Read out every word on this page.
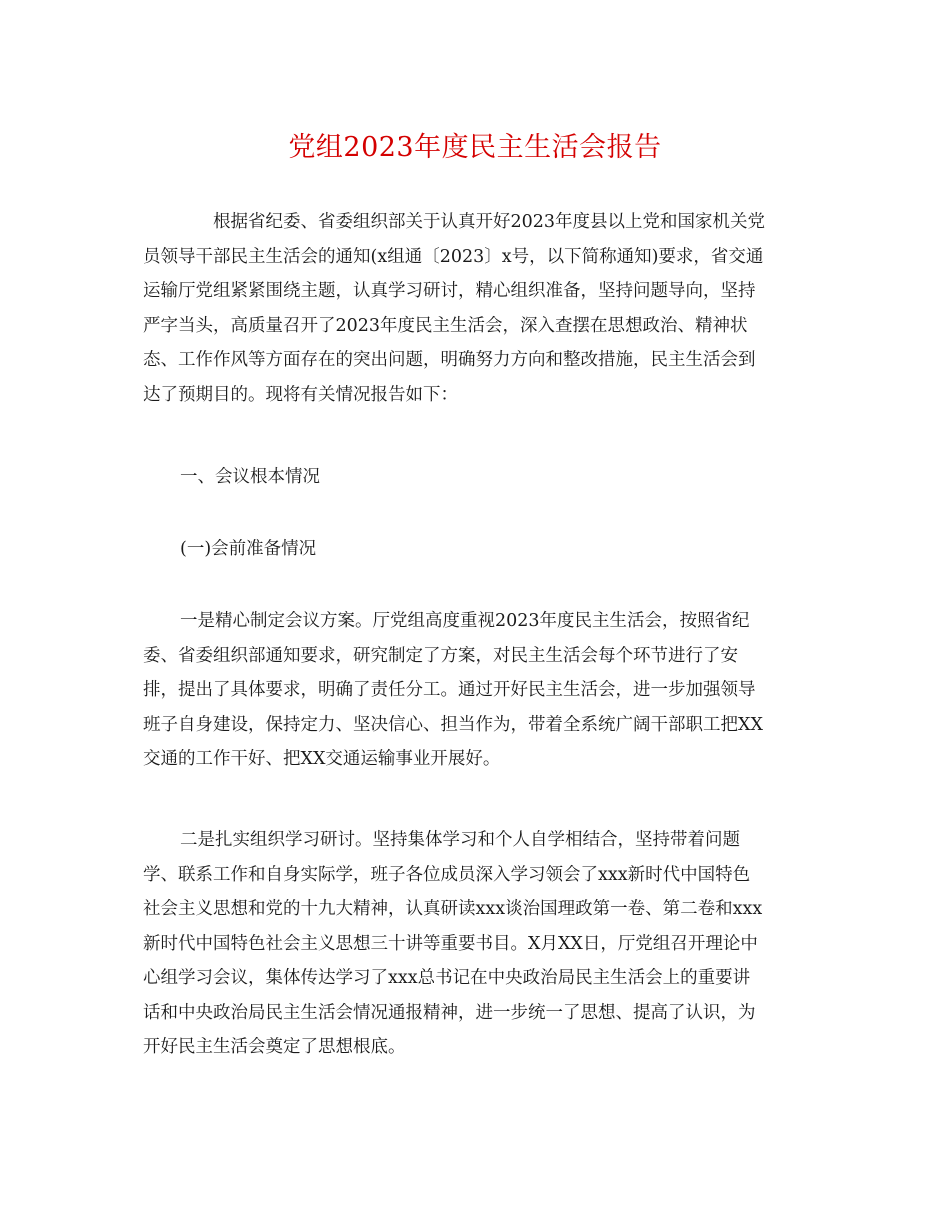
党组2023年度民主生活会报告
根据省纪委、省委组织部关于认真开好2023年度县以上党和国家机关党
员领导干部民主生活会的通知(x组通〔2023〕x号，以下简称通知)要求，省交通
运输厅党组紧紧围绕主题，认真学习研讨，精心组织准备，坚持问题导向，坚持
严字当头，高质量召开了2023年度民主生活会，深入查摆在思想政治、精神状
态、工作作风等方面存在的突出问题，明确努力方向和整改措施，民主生活会到
达了预期目的。现将有关情况报告如下：

一、会议根本情况

(一)会前准备情况

一是精心制定会议方案。厅党组高度重视2023年度民主生活会，按照省纪
委、省委组织部通知要求，研究制定了方案，对民主生活会每个环节进行了安
排，提出了具体要求，明确了责任分工。通过开好民主生活会，进一步加强领导
班子自身建设，保持定力、坚决信心、担当作为，带着全系统广阔干部职工把XX
交通的工作干好、把XX交通运输事业开展好。
二是扎实组织学习研讨。坚持集体学习和个人自学相结合，坚持带着问题
学、联系工作和自身实际学，班子各位成员深入学习领会了xxx新时代中国特色
社会主义思想和党的十九大精神，认真研读xxx谈治国理政第一卷、第二卷和xxx
新时代中国特色社会主义思想三十讲等重要书目。X月XX日，厅党组召开理论中
心组学习会议，集体传达学习了xxx总书记在中央政治局民主生活会上的重要讲
话和中央政治局民主生活会情况通报精神，进一步统一了思想、提高了认识，为
开好民主生活会奠定了思想根底。
